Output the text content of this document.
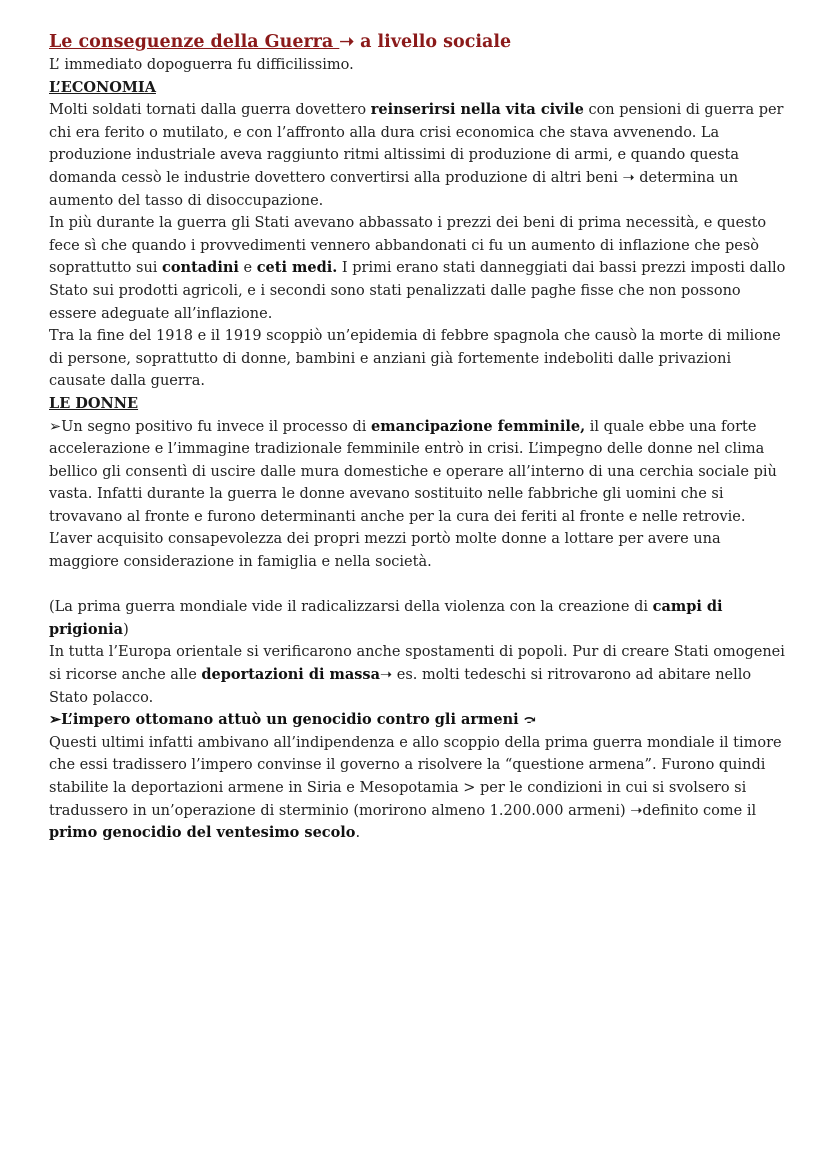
Le conseguenze della Guerra ➝ a livello sociale

L’ immediato dopoguerra fu difficilissimo.

L’ECONOMIA

Molti soldati tornati dalla guerra dovettero reinserirsi nella vita civile con pensioni di guerra per chi era ferito o mutilato, e con l’affronto alla dura crisi economica che stava avvenendo. La produzione industriale aveva raggiunto ritmi altissimi di produzione di armi, e quando questa domanda cessò le industrie dovettero convertirsi alla produzione di altri beni ➝ determina un aumento del tasso di disoccupazione.

In più durante la guerra gli Stati avevano abbassato i prezzi dei beni di prima necessità, e questo fece sì che quando i provvedimenti vennero abbandonati ci fu un aumento di inflazione che pesò soprattutto sui contadini e ceti medi. I primi erano stati danneggiati dai bassi prezzi imposti dallo Stato sui prodotti agricoli, e i secondi sono stati penalizzati dalle paghe fisse che non possono essere adeguate all’inflazione.

Tra la fine del 1918 e il 1919 scoppiò un’epidemia di febbre spagnola che causò la morte di milione di persone, soprattutto di donne, bambini e anziani già fortemente indeboliti dalle privazioni causate dalla guerra.

LE DONNE

➢Un segno positivo fu invece il processo di emancipazione femminile, il quale ebbe una forte accelerazione e l’immagine tradizionale femminile entrò in crisi. L’impegno delle donne nel clima bellico gli consentì di uscire dalle mura domestiche e operare all’interno di una cerchia sociale più vasta. Infatti durante la guerra le donne avevano sostituito nelle fabbriche gli uomini che si trovavano al fronte e furono determinanti anche per la cura dei feriti al fronte e nelle retrovie. L’aver acquisito consapevolezza dei propri mezzi portò molte donne a lottare per avere una maggiore considerazione in famiglia e nella società.

(La prima guerra mondiale vide il radicalizzarsi della violenza con la creazione di campi di prigionia)

In tutta l’Europa orientale si verificarono anche spostamenti di popoli. Pur di creare Stati omogenei si ricorse anche alle deportazioni di massa➝ es. molti tedeschi si ritrovarono ad abitare nello Stato polacco.

➢L’impero ottomano attuò un genocidio contro gli armeni ⤼

Questi ultimi infatti ambivano all’indipendenza e allo scoppio della prima guerra mondiale il timore che essi tradissero l’impero convinse il governo a risolvere la “questione armena”. Furono quindi stabilite la deportazioni armene in Siria e Mesopotamia > per le condizioni in cui si svolsero si tradussero in un’operazione di sterminio (morirono almeno 1.200.000 armeni) ➝definito come il primo genocidio del ventesimo secolo.
